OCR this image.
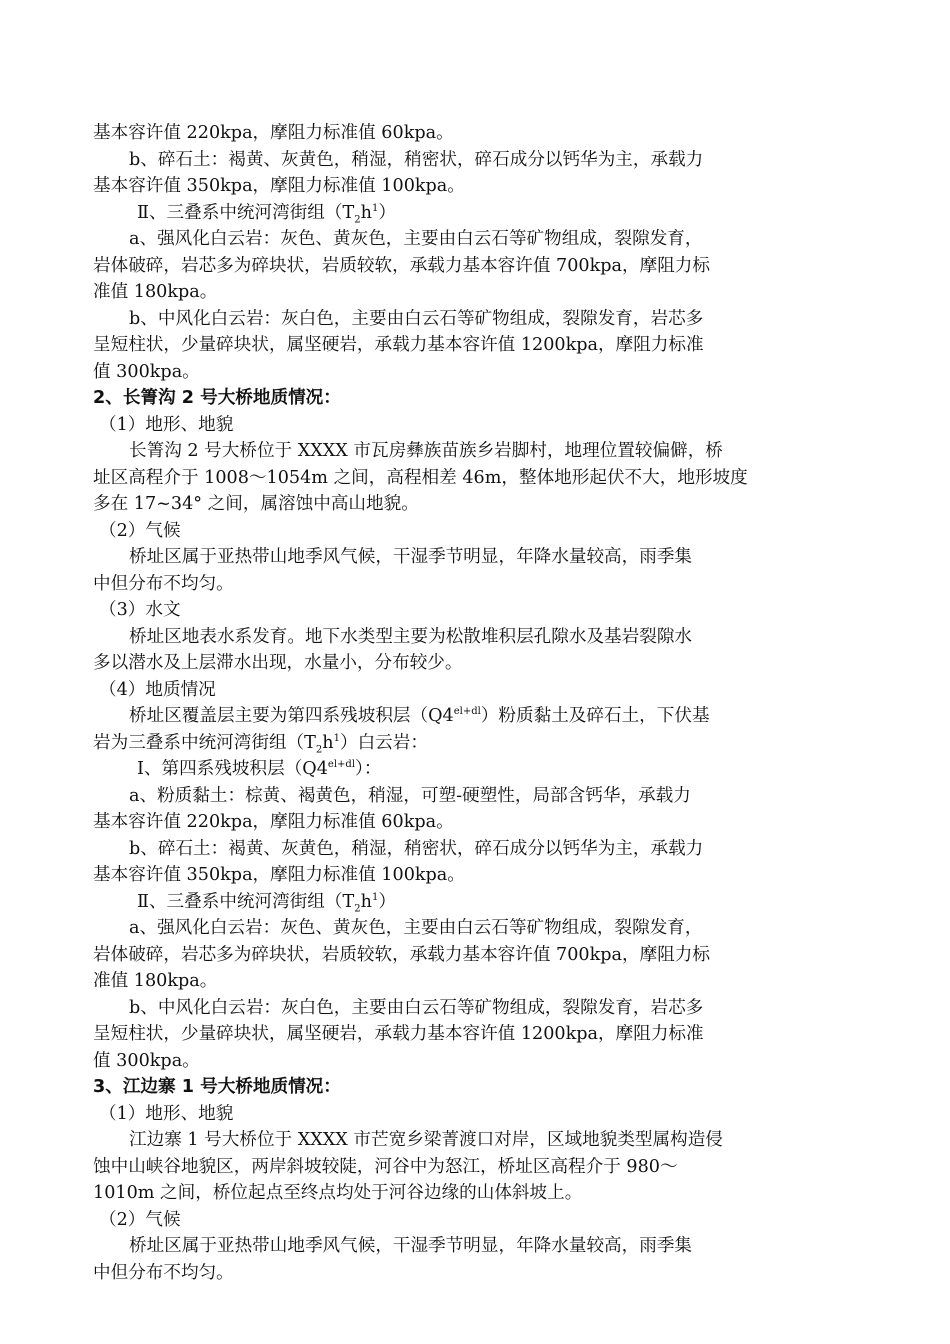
基本容许值 220kpa，摩阻力标准值 60kpa。
b、碎石土：褐黄、灰黄色，稍湿，稍密状，碎石成分以钙华为主，承载力
基本容许值 350kpa，摩阻力标准值 100kpa。
Ⅱ、三叠系中统河湾街组$(T_2h^1)$
a、强风化白云岩：灰色、黄灰色，主要由白云石等矿物组成，裂隙发育，
岩体破碎，岩芯多为碎块状，岩质较软，承载力基本容许值 700kpa，摩阻力标
准值 180kpa。
b、中风化白云岩：灰白色，主要由白云石等矿物组成，裂隙发育，岩芯多
呈短柱状，少量碎块状，属坚硬岩，承载力基本容许值 1200kpa，摩阻力标准
值 300kpa。
2、长箐沟 2 号大桥地质情况：
（1）地形、地貌
长箐沟 2 号大桥位于 XXXX 市瓦房彝族苗族乡岩脚村，地理位置较偏僻，桥
址区高程介于 1008～1054m 之间，高程相差 46m，整体地形起伏不大，地形坡度
多在 17~34° 之间，属溶蚀中高山地貌。
（2）气候
桥址区属于亚热带山地季风气候，干湿季节明显，年降水量较高，雨季集
中但分布不均匀。
（3）水文
桥址区地表水系发育。地下水类型主要为松散堆积层孔隙水及基岩裂隙水
多以潜水及上层滞水出现，水量小，分布较少。
（4）地质情况
桥址区覆盖层主要为第四系残坡积层$(Q4^{el+dl})$粉质黏土及碎石土，下伏基
岩为三叠系中统河湾街组$(T_2h^1)$白云岩：
Ⅰ、第四系残坡积层$(Q4^{el+dl})$：
a、粉质黏土：棕黄、褐黄色，稍湿，可塑-硬塑性，局部含钙华，承载力
基本容许值 220kpa，摩阻力标准值 60kpa。
b、碎石土：褐黄、灰黄色，稍湿，稍密状，碎石成分以钙华为主，承载力
基本容许值 350kpa，摩阻力标准值 100kpa。
Ⅱ、三叠系中统河湾街组$(T_2h^1)$
a、强风化白云岩：灰色、黄灰色，主要由白云石等矿物组成，裂隙发育，
岩体破碎，岩芯多为碎块状，岩质较软，承载力基本容许值 700kpa，摩阻力标
准值 180kpa。
b、中风化白云岩：灰白色，主要由白云石等矿物组成，裂隙发育，岩芯多
呈短柱状，少量碎块状，属坚硬岩，承载力基本容许值 1200kpa，摩阻力标准
值 300kpa。
3、江边寨 1 号大桥地质情况：
（1）地形、地貌
江边寨 1 号大桥位于 XXXX 市芒宽乡梁菁渡口对岸，区域地貌类型属构造侵
蚀中山峡谷地貌区，两岸斜坡较陡，河谷中为怒江，桥址区高程介于 980～
1010m 之间，桥位起点至终点均处于河谷边缘的山体斜坡上。
（2）气候
桥址区属于亚热带山地季风气候，干湿季节明显，年降水量较高，雨季集
中但分布不均匀。
